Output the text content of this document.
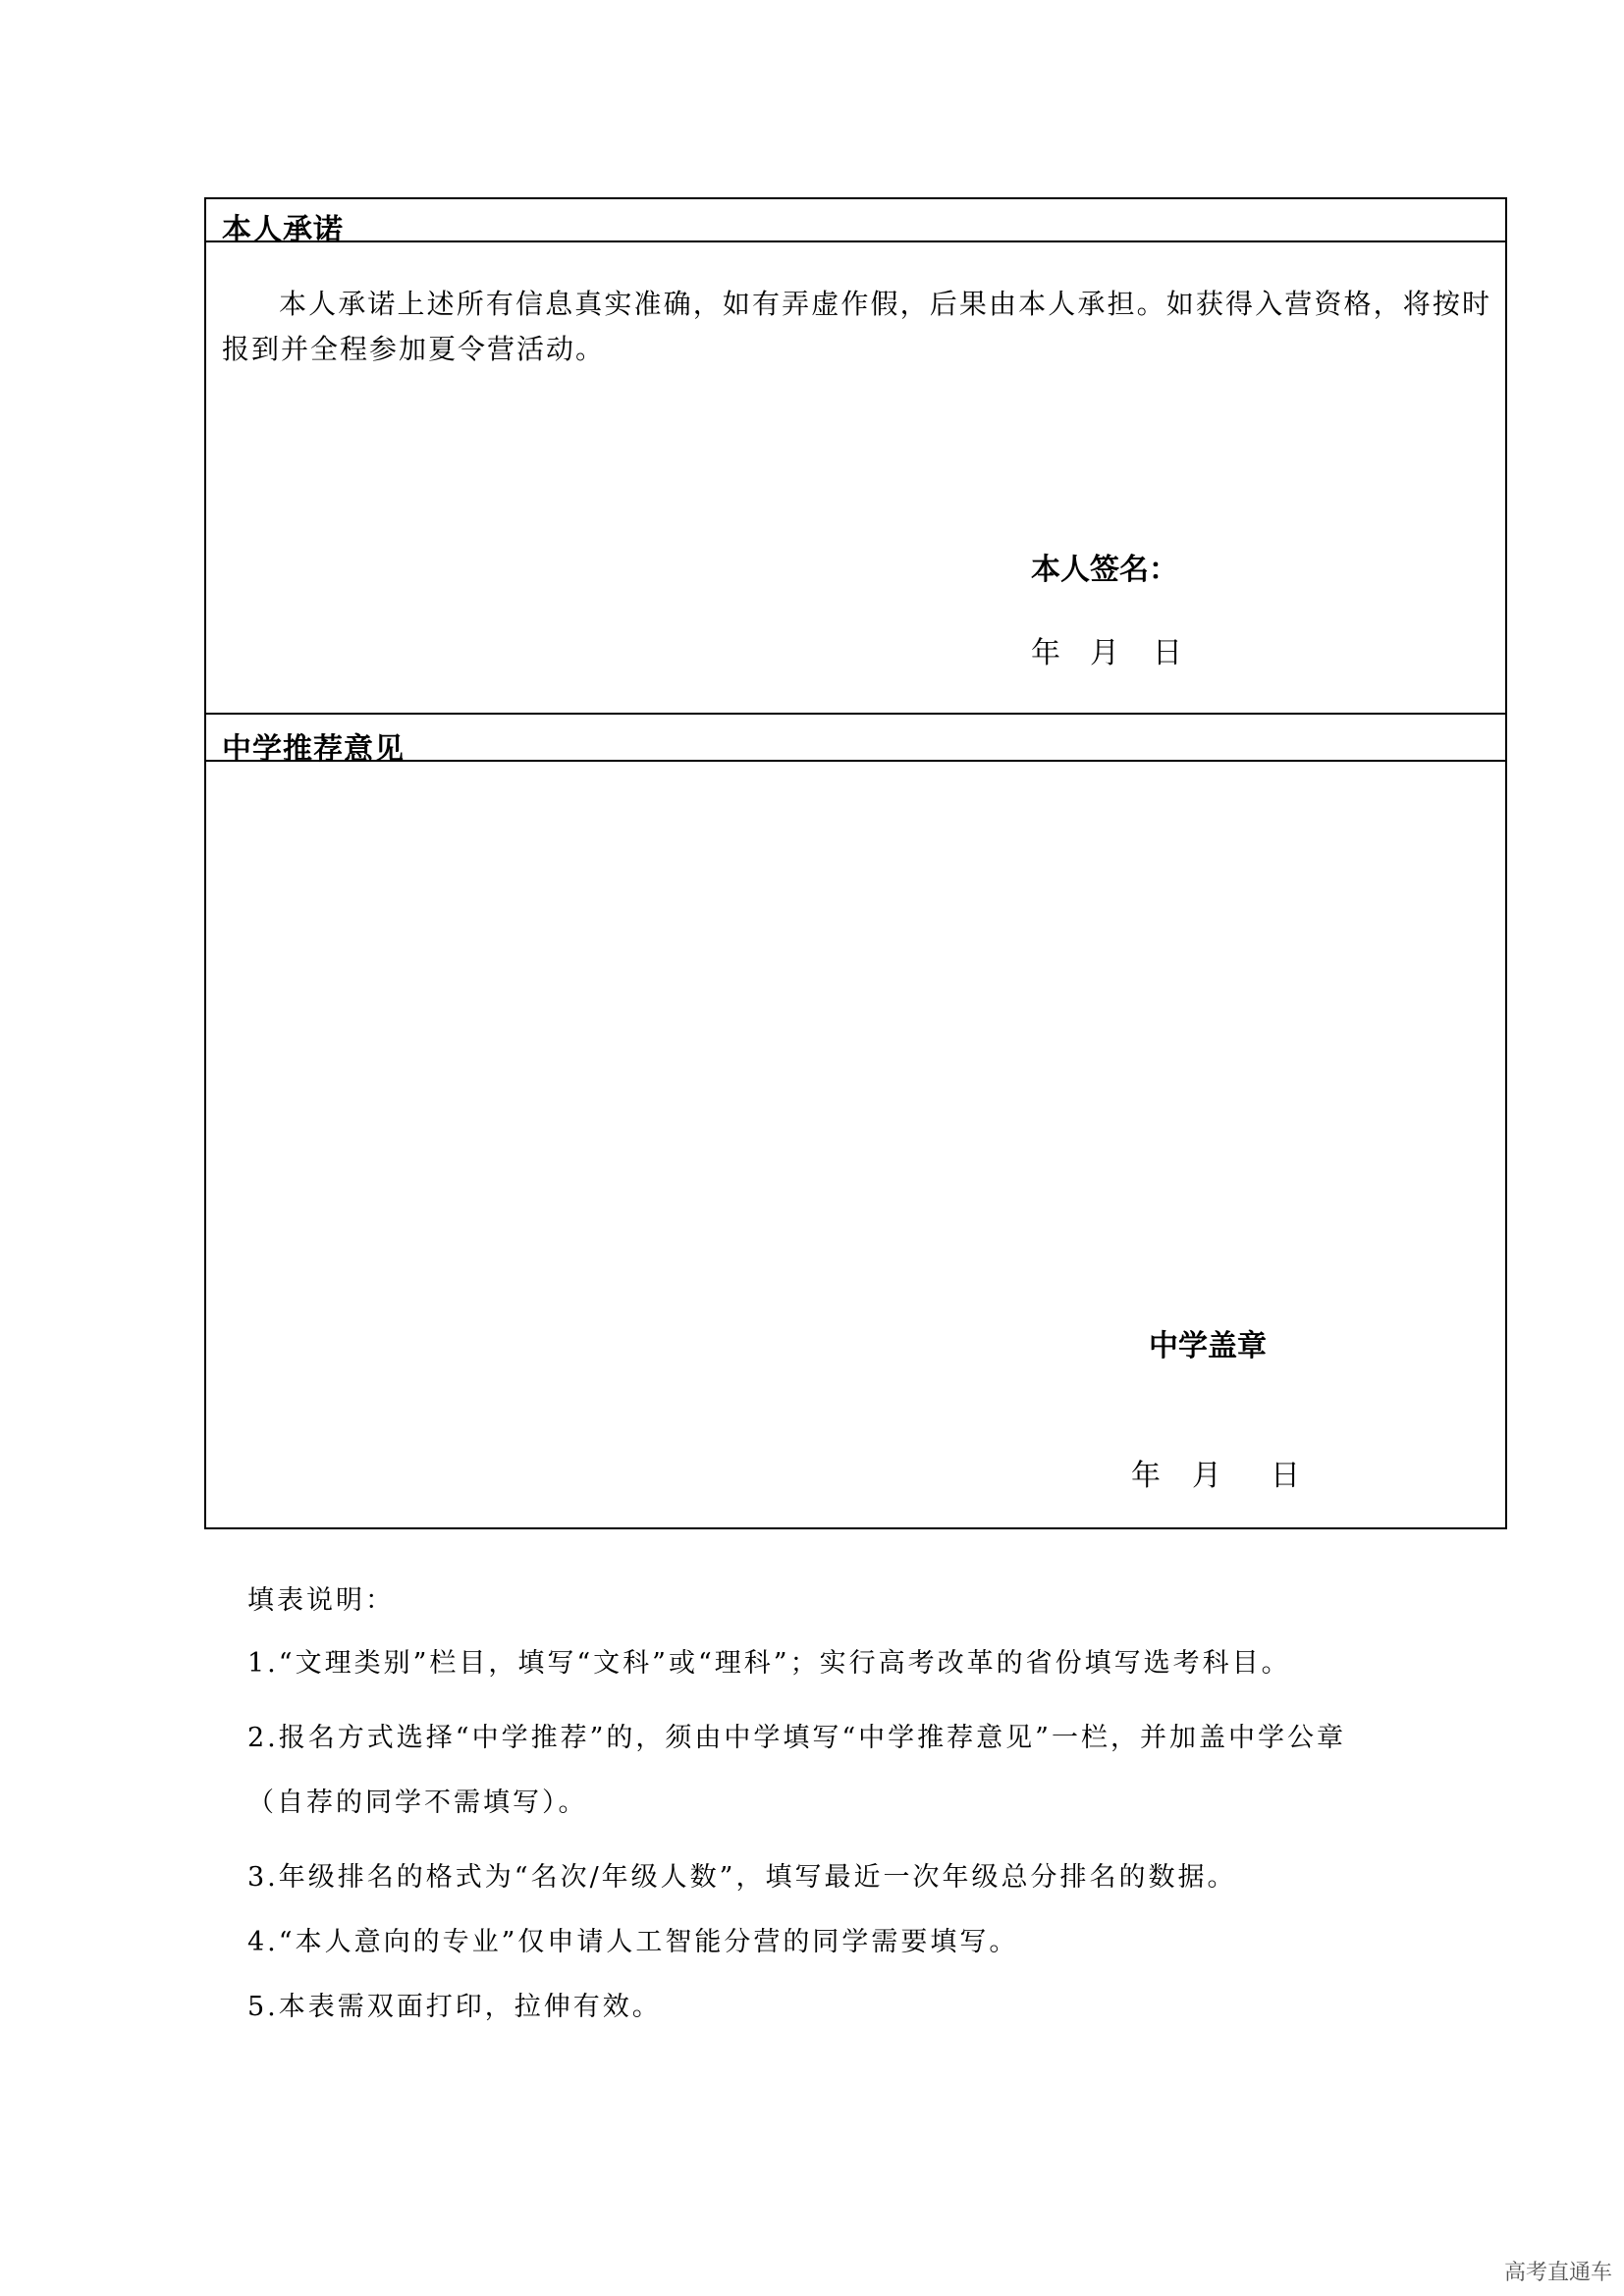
本人承诺

本人承诺上述所有信息真实准确，如有弄虚作假，后果由本人承担。如获得入营资格，将按时报到并全程参加夏令营活动。

本人签名：
年 月 日
中学推荐意见
中学盖章
年 月 日

填表说明：

1.“文理类别”栏目，填写“文科”或“理科”；实行高考改革的省份填写选考科目。

2.报名方式选择“中学推荐”的，须由中学填写“中学推荐意见”一栏，并加盖中学公章（自荐的同学不需填写）。

3.年级排名的格式为“名次/年级人数”，填写最近一次年级总分排名的数据。

4.“本人意向的专业”仅申请人工智能分营的同学需要填写。

5.本表需双面打印，拉伸有效。

高考直通车
